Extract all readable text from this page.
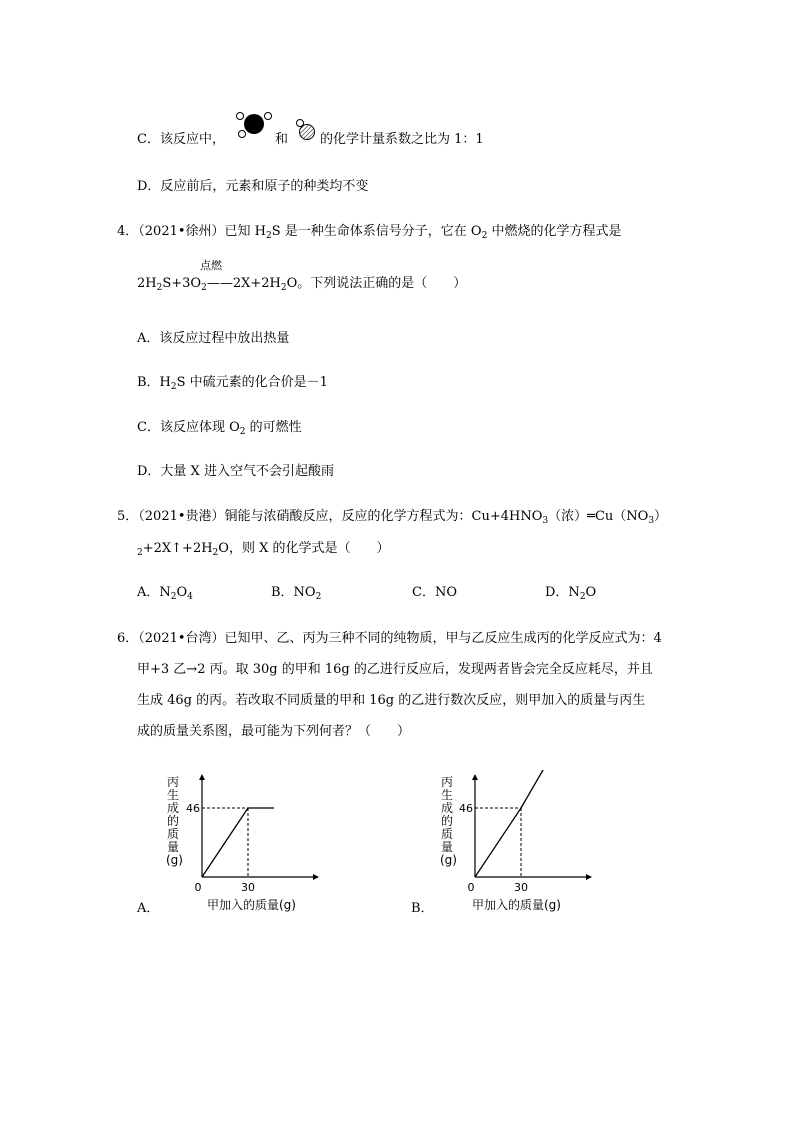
C．该反应中，	和 的化学计量系数之比为 1：1
D．反应前后，元素和原子的种类均不变
4．（2021•徐州）已知 $H_2S$ 是一种生命体系信号分子，它在 $O_2$ 中燃烧的化学方程式是
点燃
$2H_2S+3O_2——2X+2H_2O$。下列说法正确的是（　　）
A．该反应过程中放出热量
B．$H_2S$ 中硫元素的化合价是－1
C．该反应体现 $O_2$ 的可燃性
D．大量 X 进入空气不会引起酸雨
5．（2021•贵港）铜能与浓硝酸反应，反应的化学方程式为：$Cu+4HNO_3$（浓）$═Cu(NO_3)$
$_2+2X↑+2H_2O$，则 X 的化学式是（　　）
A．$N_2O_4$	B．$NO_2$	C．NO	D．$N_2O$
6．（2021•台湾）已知甲、乙、丙为三种不同的纯物质，甲与乙反应生成丙的化学反应式为：4
甲+3 乙→2 丙。取 30g 的甲和 16g 的乙进行反应后，发现两者皆会完全反应耗尽，并且
生成 46g 的丙。若改取不同质量的甲和 16g 的乙进行数次反应，则甲加入的质量与丙生
成的质量关系图，最可能为下列何者？（　　）
丙生成的质量(g)
0	30
46
甲加入的质量(g)
A．
丙生成的质量(g)
0	30
46
甲加入的质量(g)
B．
